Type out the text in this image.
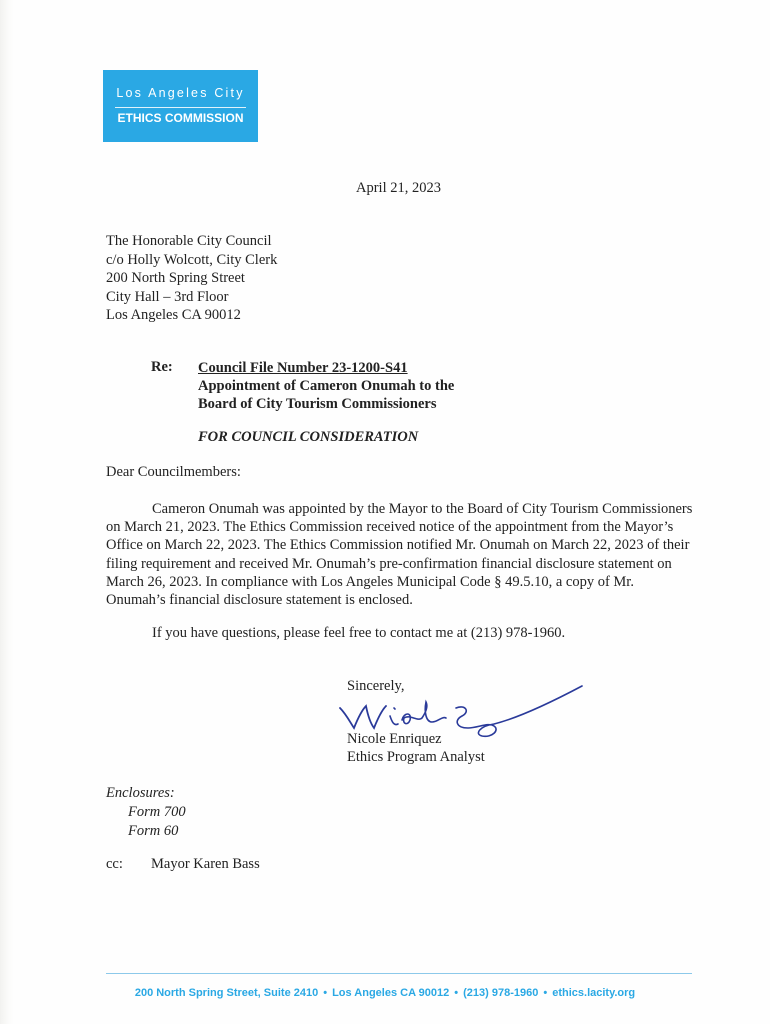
Los Angeles City
ETHICS COMMISSION
April 21, 2023
The Honorable City Council
c/o Holly Wolcott, City Clerk
200 North Spring Street
City Hall – 3rd Floor
Los Angeles CA 90012
Re: Council File Number 23-1200-S41
Appointment of Cameron Onumah to the
Board of City Tourism Commissioners
FOR COUNCIL CONSIDERATION
Dear Councilmembers:
Cameron Onumah was appointed by the Mayor to the Board of City Tourism Commissioners on March 21, 2023. The Ethics Commission received notice of the appointment from the Mayor’s Office on March 22, 2023. The Ethics Commission notified Mr. Onumah on March 22, 2023 of their filing requirement and received Mr. Onumah’s pre-confirmation financial disclosure statement on March 26, 2023. In compliance with Los Angeles Municipal Code § 49.5.10, a copy of Mr. Onumah’s financial disclosure statement is enclosed.
If you have questions, please feel free to contact me at (213) 978-1960.
Sincerely,
Nicole Enriquez
Ethics Program Analyst
Enclosures:
Form 700
Form 60
cc: Mayor Karen Bass
200 North Spring Street, Suite 2410 • Los Angeles CA 90012 • (213) 978-1960 • ethics.lacity.org
